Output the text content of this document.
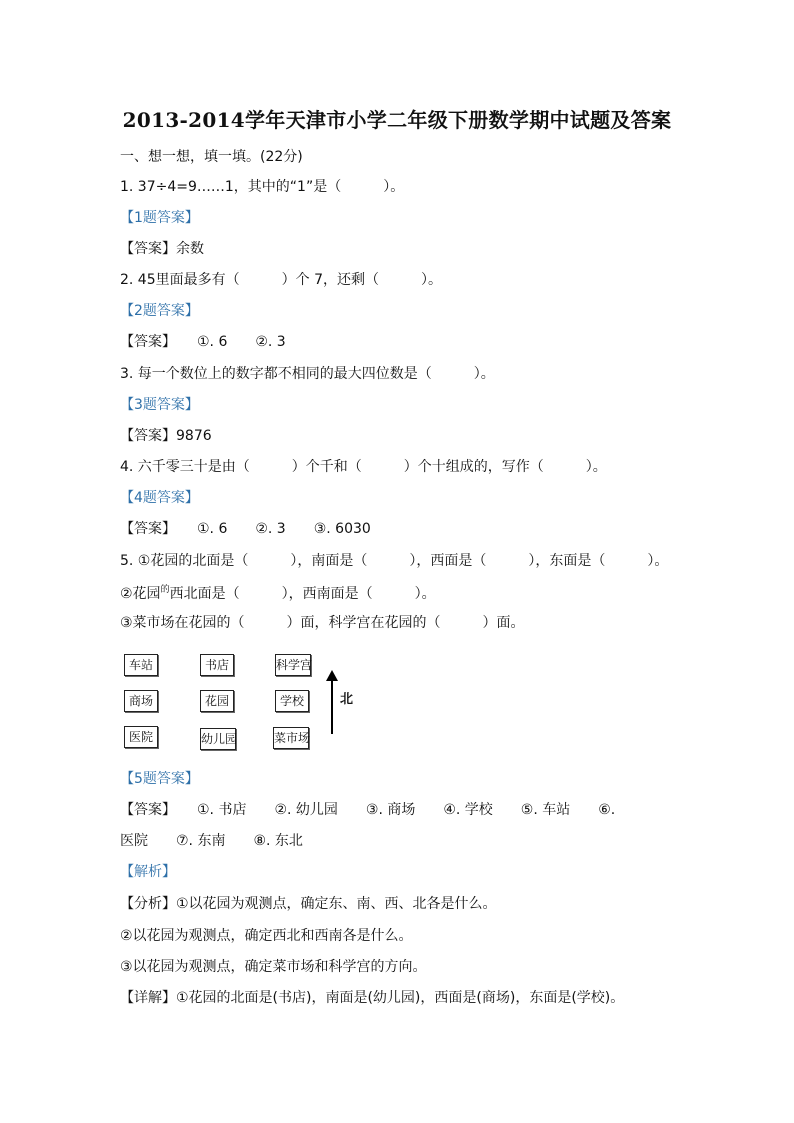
2013-2014学年天津市小学二年级下册数学期中试题及答案
一、想一想，填一填。(22分)
1. 37÷4=9……1，其中的“1”是（　　　）。
【1题答案】
【答案】余数
2. 45里面最多有（　　　）个 7，还剩（　　　）。
【2题答案】
【答案】　　①. 6　　②. 3
3. 每一个数位上的数字都不相同的最大四位数是（　　　）。
【3题答案】
【答案】9876
4. 六千零三十是由（　　　）个千和（　　　）个十组成的，写作（　　　）。
【4题答案】
【答案】　　①. 6　　②. 3　　③. 6030
5. ①花园的北面是（　　　），南面是（　　　），西面是（　　　），东面是（　　　）。
②花园$^的$西北面是（　　　），西南面是（　　　）。
③菜市场在花园的（　　　）面，科学宫在花园的（　　　）面。
车站	书店	科学宫
商场	花园	学校
医院	幼儿园	菜市场
北
【5题答案】
【答案】　　①. 书店　　②. 幼儿园　　③. 商场　　④. 学校　　⑤. 车站　　⑥.
医院　　⑦. 东南　　⑧. 东北
【解析】
【分析】①以花园为观测点，确定东、南、西、北各是什么。
②以花园为观测点，确定西北和西南各是什么。
③以花园为观测点，确定菜市场和科学宫的方向。
【详解】①花园的北面是(书店)，南面是(幼儿园)，西面是(商场)，东面是(学校)。
